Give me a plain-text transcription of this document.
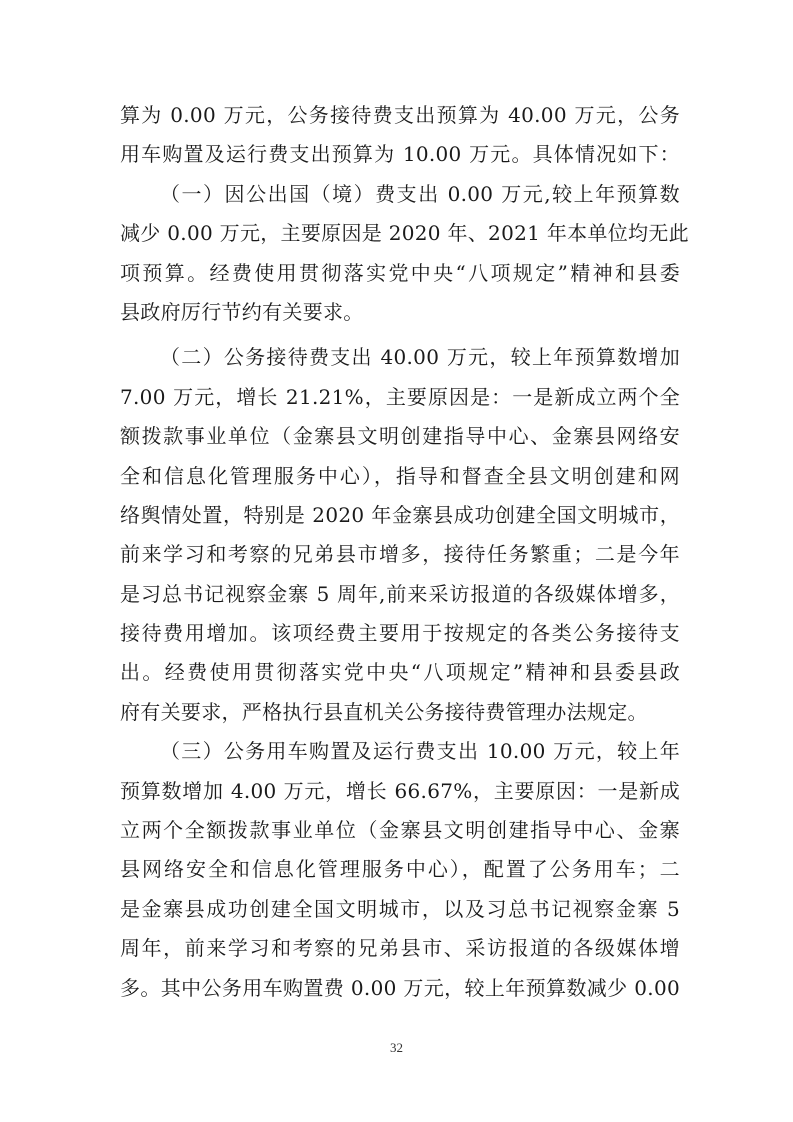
算为 0.00 万元，公务接待费支出预算为 40.00 万元，公务
用车购置及运行费支出预算为 10.00 万元。具体情况如下：
（一）因公出国（境）费支出 0.00 万元,较上年预算数
减少 0.00 万元，主要原因是 2020 年、2021 年本单位均无此
项预算。经费使用贯彻落实党中央“八项规定”精神和县委
县政府厉行节约有关要求。
（二）公务接待费支出 40.00 万元，较上年预算数增加
7.00 万元，增长 21.21%，主要原因是：一是新成立两个全
额拨款事业单位（金寨县文明创建指导中心、金寨县网络安
全和信息化管理服务中心），指导和督查全县文明创建和网
络舆情处置，特别是 2020 年金寨县成功创建全国文明城市，
前来学习和考察的兄弟县市增多，接待任务繁重；二是今年
是习总书记视察金寨 5 周年,前来采访报道的各级媒体增多，
接待费用增加。该项经费主要用于按规定的各类公务接待支
出。经费使用贯彻落实党中央“八项规定”精神和县委县政
府有关要求，严格执行县直机关公务接待费管理办法规定。
（三）公务用车购置及运行费支出 10.00 万元，较上年
预算数增加 4.00 万元，增长 66.67%，主要原因：一是新成
立两个全额拨款事业单位（金寨县文明创建指导中心、金寨
县网络安全和信息化管理服务中心），配置了公务用车；二
是金寨县成功创建全国文明城市，以及习总书记视察金寨 5
周年，前来学习和考察的兄弟县市、采访报道的各级媒体增
多。其中公务用车购置费 0.00 万元，较上年预算数减少 0.00
32
